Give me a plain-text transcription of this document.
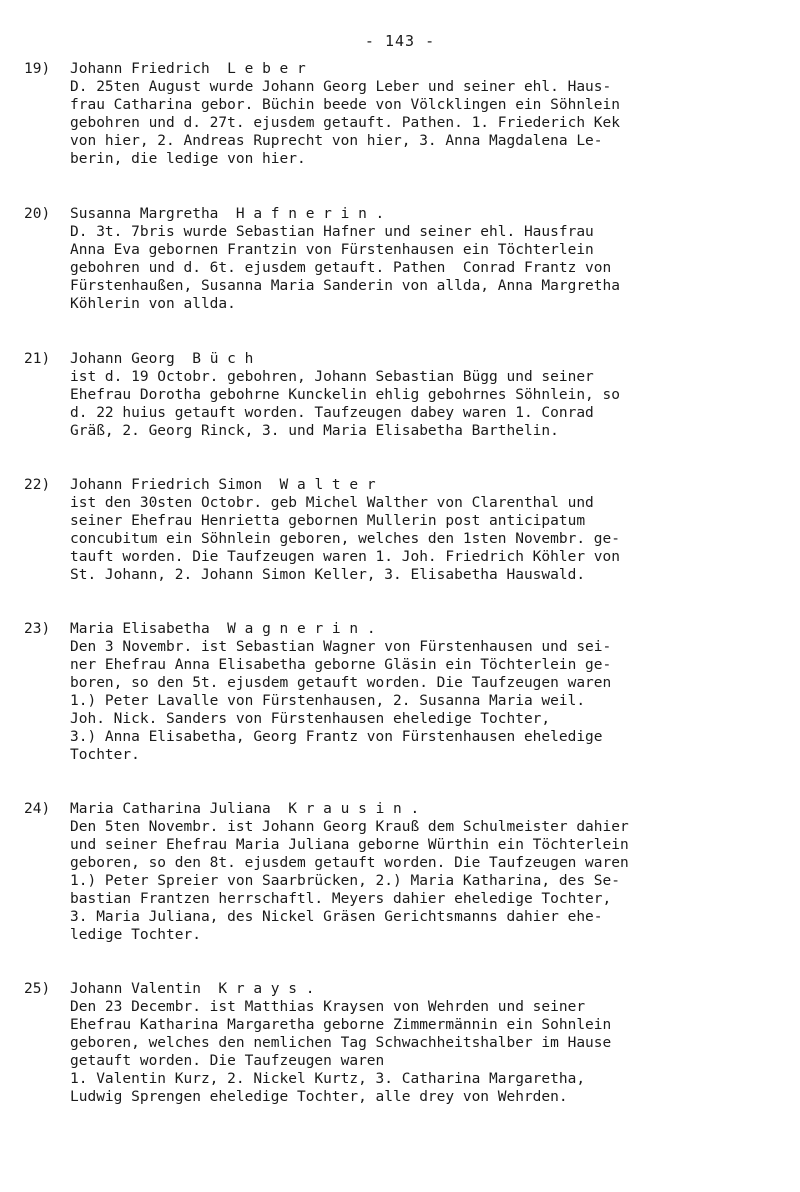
- 143 -
19) Johann Friedrich L e b e r
D. 25ten August wurde Johann Georg Leber und seiner ehl. Haus-
frau Catharina gebor. Büchin beede von Völcklingen ein Söhnlein
gebohren und d. 27t. ejusdem getauft. Pathen. 1. Friederich Kek
von hier, 2. Andreas Ruprecht von hier, 3. Anna Magdalena Le-
berin, die ledige von hier.
20) Susanna Margretha H a f n e r i n .
D. 3t. 7bris wurde Sebastian Hafner und seiner ehl. Hausfrau
Anna Eva gebornen Frantzin von Fürstenhausen ein Töchterlein
gebohren und d. 6t. ejusdem getauft. Pathen  Conrad Frantz von
Fürstenhaußen, Susanna Maria Sanderin von allda, Anna Margretha
Köhlerin von allda.
21) Johann Georg B ü c h
ist d. 19 Octobr. gebohren, Johann Sebastian Bügg und seiner
Ehefrau Dorotha gebohrne Kunckelin ehlig gebohrnes Söhnlein, so
d. 22 huius getauft worden. Taufzeugen dabey waren 1. Conrad
Gräß, 2. Georg Rinck, 3. und Maria Elisabetha Barthelin.
22) Johann Friedrich Simon W a l t e r
ist den 30sten Octobr. geb Michel Walther von Clarenthal und
seiner Ehefrau Henrietta gebornen Mullerin post anticipatum
concubitum ein Söhnlein geboren, welches den 1sten Novembr. ge-
tauft worden. Die Taufzeugen waren 1. Joh. Friedrich Köhler von
St. Johann, 2. Johann Simon Keller, 3. Elisabetha Hauswald.
23) Maria Elisabetha W a g n e r i n .
Den 3 Novembr. ist Sebastian Wagner von Fürstenhausen und sei-
ner Ehefrau Anna Elisabetha geborne Gläsin ein Töchterlein ge-
boren, so den 5t. ejusdem getauft worden. Die Taufzeugen waren
1.) Peter Lavalle von Fürstenhausen, 2. Susanna Maria weil.
Joh. Nick. Sanders von Fürstenhausen eheledige Tochter,
3.) Anna Elisabetha, Georg Frantz von Fürstenhausen eheledige
Tochter.
24) Maria Catharina Juliana K r a u s i n .
Den 5ten Novembr. ist Johann Georg Krauß dem Schulmeister dahier
und seiner Ehefrau Maria Juliana geborne Würthin ein Töchterlein
geboren, so den 8t. ejusdem getauft worden. Die Taufzeugen waren
1.) Peter Spreier von Saarbrücken, 2.) Maria Katharina, des Se-
bastian Frantzen herrschaftl. Meyers dahier eheledige Tochter,
3. Maria Juliana, des Nickel Gräsen Gerichtsmanns dahier ehe-
ledige Tochter.
25) Johann Valentin K r a y s .
Den 23 Decembr. ist Matthias Kraysen von Wehrden und seiner
Ehefrau Katharina Margaretha geborne Zimmermännin ein Sohnlein
geboren, welches den nemlichen Tag Schwachheitshalber im Hause
getauft worden. Die Taufzeugen waren
1. Valentin Kurz, 2. Nickel Kurtz, 3. Catharina Margaretha,
Ludwig Sprengen eheledige Tochter, alle drey von Wehrden.
